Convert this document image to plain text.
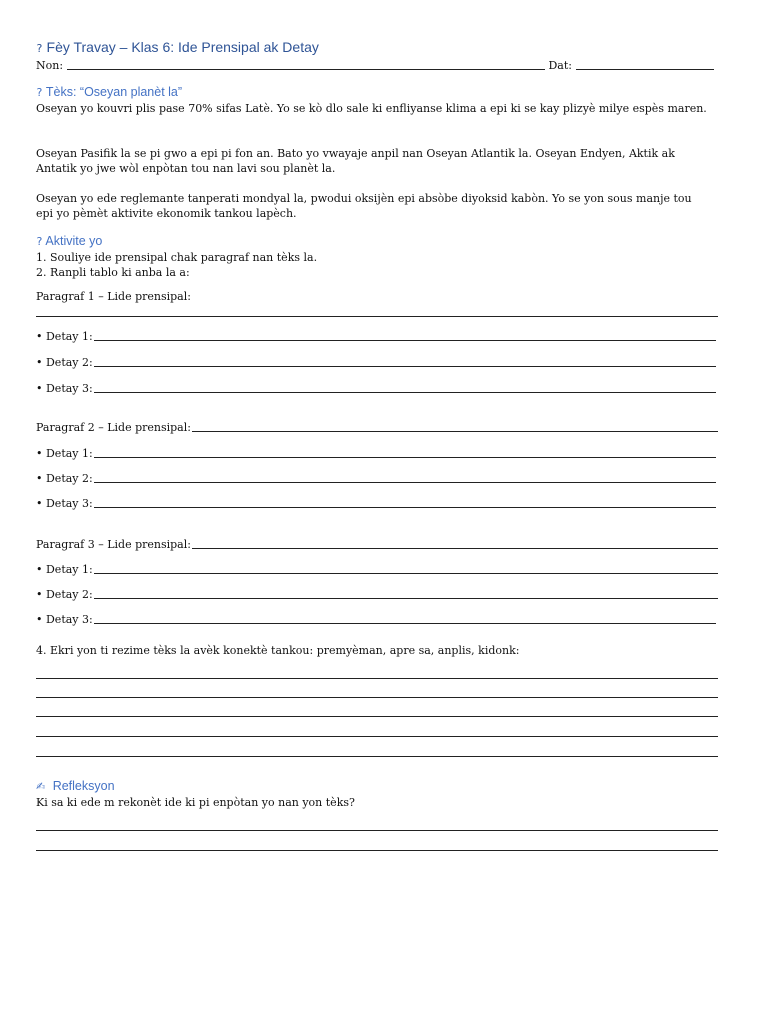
? Fèy Travay – Klas 6: Ide Prensipal ak Detay
Non:	Dat:
? Tèks: “Oseyan planèt la”

Oseyan yo kouvri plis pase 70% sifas Latè. Yo se kò dlo sale ki enfliyanse klima a epi ki se kay plizyè milye espès maren.

Oseyan Pasifik la se pi gwo a epi pi fon an. Bato yo vwayaje anpil nan Oseyan Atlantik la. Oseyan Endyen, Aktik ak Antatik yo jwe wòl enpòtan tou nan lavi sou planèt la.

Oseyan yo ede reglemante tanperati mondyal la, pwodui oksijèn epi absòbe diyoksid kabòn. Yo se yon sous manje tou epi yo pèmèt aktivite ekonomik tankou lapèch.

? Aktivite yo

1. Souliye ide prensipal chak paragraf nan tèks la.

2. Ranpli tablo ki anba la a:

Paragraf 1 – Lide prensipal:

• Detay 1:
• Detay 2:
• Detay 3:
Paragraf 2 – Lide prensipal:
• Detay 1:
• Detay 2:
• Detay 3:
Paragraf 3 – Lide prensipal:
• Detay 1:
• Detay 2:
• Detay 3:

4. Ekri yon ti rezime tèks la avèk konektè tankou: premyèman, apre sa, anplis, kidonk:

✍ Refleksyon

Ki sa ki ede m rekonèt ide ki pi enpòtan yo nan yon tèks?
